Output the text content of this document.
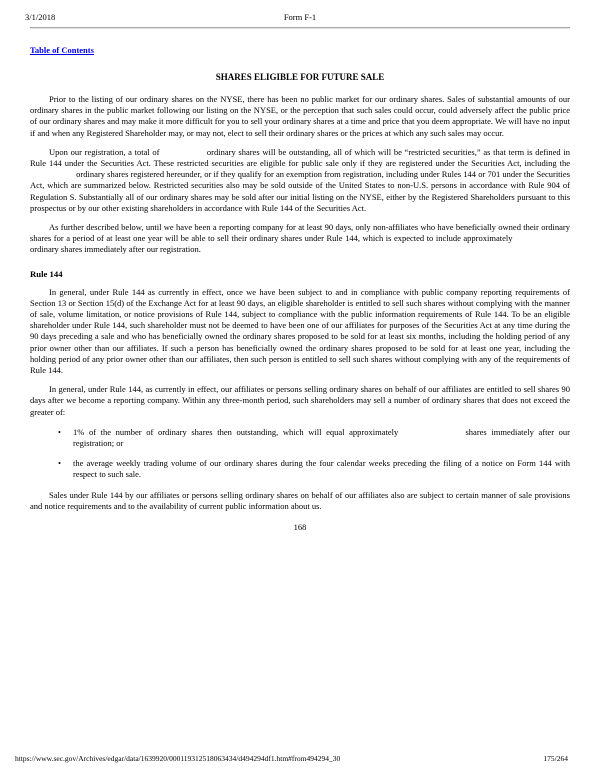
3/1/2018	Form F-1
Table of Contents
SHARES ELIGIBLE FOR FUTURE SALE

Prior to the listing of our ordinary shares on the NYSE, there has been no public market for our ordinary shares. Sales of substantial amounts of our ordinary shares in the public market following our listing on the NYSE, or the perception that such sales could occur, could adversely affect the public price of our ordinary shares and may make it more difficult for you to sell your ordinary shares at a time and price that you deem appropriate. We will have no input if and when any Registered Shareholder may, or may not, elect to sell their ordinary shares or the prices at which any such sales may occur.

Upon our registration, a total of	ordinary shares will be outstanding, all of which will be “restricted securities,” as that term is defined in Rule 144 under the Securities Act. These restricted securities are eligible for public sale only if they are registered under the Securities Act, including the  ordinary shares registered hereunder, or if they qualify for an exemption from registration, including under Rules 144 or 701 under the Securities Act, which are summarized below. Restricted securities also may be sold outside of the United States to non-U.S. persons in accordance with Rule 904 of Regulation S. Substantially all of our ordinary shares may be sold after our initial listing on the NYSE, either by the Registered Shareholders pursuant to this prospectus or by our other existing shareholders in accordance with Rule 144 of the Securities Act.

As further described below, until we have been a reporting company for at least 90 days, only non-affiliates who have beneficially owned their ordinary shares for a period of at least one year will be able to sell their ordinary shares under Rule 144, which is expected to include approximately  ordinary shares immediately after our registration.

Rule 144

In general, under Rule 144 as currently in effect, once we have been subject to and in compliance with public company reporting requirements of Section 13 or Section 15(d) of the Exchange Act for at least 90 days, an eligible shareholder is entitled to sell such shares without complying with the manner of sale, volume limitation, or notice provisions of Rule 144, subject to compliance with the public information requirements of Rule 144. To be an eligible shareholder under Rule 144, such shareholder must not be deemed to have been one of our affiliates for purposes of the Securities Act at any time during the 90 days preceding a sale and who has beneficially owned the ordinary shares proposed to be sold for at least six months, including the holding period of any prior owner other than our affiliates. If such a person has beneficially owned the ordinary shares proposed to be sold for at least one year, including the holding period of any prior owner other than our affiliates, then such person is entitled to sell such shares without complying with any of the requirements of Rule 144.

In general, under Rule 144, as currently in effect, our affiliates or persons selling ordinary shares on behalf of our affiliates are entitled to sell shares 90 days after we become a reporting company. Within any three-month period, such shareholders may sell a number of ordinary shares that does not exceed the greater of:

•	1% of the number of ordinary shares then outstanding, which will equal approximately	shares immediately after our registration; or
•	the average weekly trading volume of our ordinary shares during the four calendar weeks preceding the filing of a notice on Form 144 with respect to such sale.

Sales under Rule 144 by our affiliates or persons selling ordinary shares on behalf of our affiliates also are subject to certain manner of sale provisions and notice requirements and to the availability of current public information about us.

168
https://www.sec.gov/Archives/edgar/data/1639920/000119312518063434/d494294df1.htm#from494294_30	175/264
